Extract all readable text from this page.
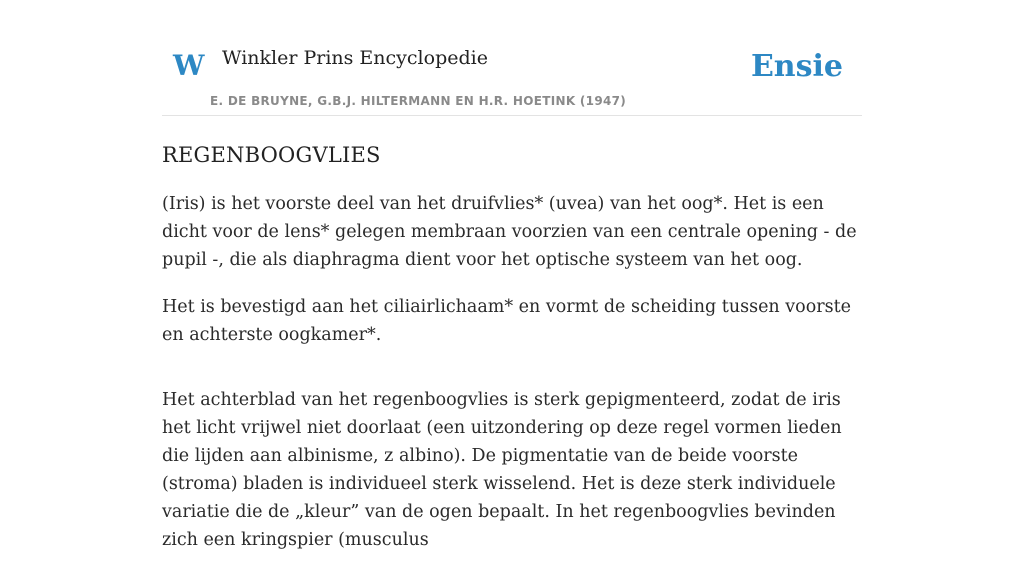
W Winkler Prins Encyclopedie
E. DE BRUYNE, G.B.J. HILTERMANN EN H.R. HOETINK (1947)
Ensie
REGENBOOGVLIES

(Iris) is het voorste deel van het druifvlies* (uvea) van het oog*. Het is een dicht voor de lens* gelegen membraan voorzien van een centrale opening - de pupil -, die als diaphragma dient voor het optische systeem van het oog.

Het is bevestigd aan het ciliairlichaam* en vormt de scheiding tussen voorste en achterste oogkamer*.

Het achterblad van het regenboogvlies is sterk gepigmenteerd, zodat de iris het licht vrijwel niet doorlaat (een uitzondering op deze regel vormen lieden die lijden aan albinisme, z albino). De pigmentatie van de beide voorste (stroma) bladen is individueel sterk wisselend. Het is deze sterk individuele variatie die de „kleur” van de ogen bepaalt. In het regenboogvlies bevinden zich een kringspier (musculus
